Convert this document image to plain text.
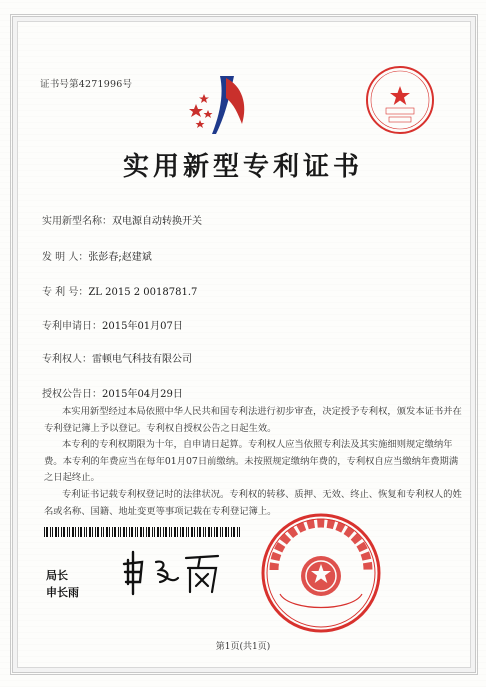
证书号第4271996号
实用新型专利证书
实用新型名称：双电源自动转换开关
发 明 人：张彭春;赵建斌
专 利 号：ZL 2015 2 0018781.7
专利申请日：2015年01月07日
专利权人：雷顿电气科技有限公司
授权公告日：2015年04月29日
本实用新型经过本局依照中华人民共和国专利法进行初步审查，决定授予专利权，颁发本证书并在专利登记簿上予以登记。专利权自授权公告之日起生效。
本专利的专利权期限为十年，自申请日起算。专利权人应当依照专利法及其实施细则规定缴纳年费。本专利的年费应当在每年01月07日前缴纳。未按照规定缴纳年费的，专利权自应当缴纳年费期满之日起终止。
专利证书记载专利权登记时的法律状况。专利权的转移、质押、无效、终止、恢复和专利权人的姓名或名称、国籍、地址变更等事项记载在专利登记簿上。
局长
申长雨
第1页(共1页)
